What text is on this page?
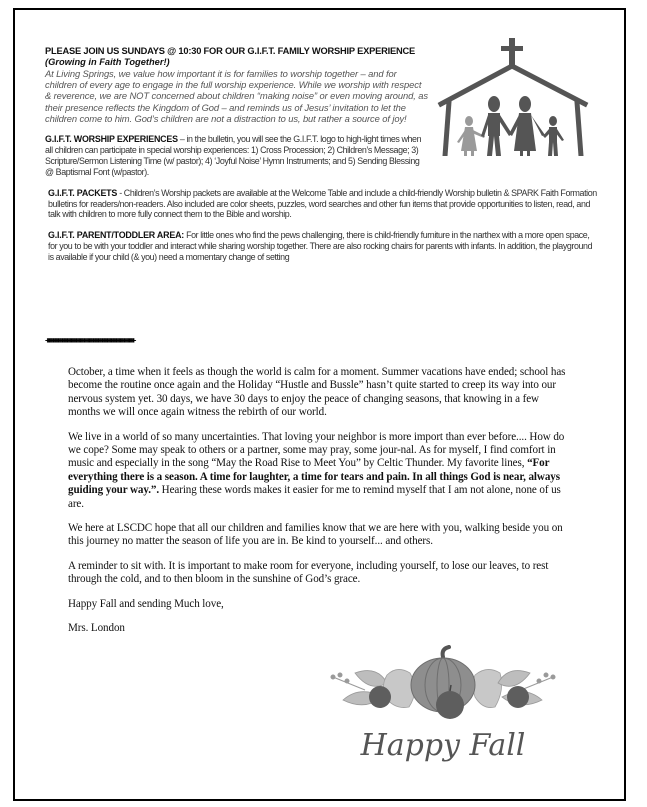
PLEASE JOIN US SUNDAYS @ 10:30 FOR OUR G.I.F.T. FAMILY WORSHIP EXPERIENCE
(Growing in Faith Together!)
At Living Springs, we value how important it is for families to worship together – and for children of every age to engage in the full worship experience. While we worship with respect & reverence, we are NOT concerned about children “making noise” or even moving around, as their presence reflects the Kingdom of God – and reminds us of Jesus’ invitation to let the children come to him. God’s children are not a distraction to us, but rather a source of joy!
G.I.F.T. WORSHIP EXPERIENCES – in the bulletin, you will see the G.I.F.T. logo to high-light times when all children can participate in special worship experiences: 1) Cross Procession; 2) Children’s Message; 3) Scripture/Sermon Listening Time (w/ pastor); 4) ‘Joyful Noise’ Hymn Instruments; and 5) Sending Blessing @ Baptismal Font (w/pastor).
G.I.F.T. PACKETS - Children’s Worship packets are available at the Welcome Table and include a child-friendly Worship bulletin & SPARK Faith Formation bulletins for readers/non-readers. Also included are color sheets, puzzles, word searches and other fun items that provide opportunities to listen, read, and talk with children to more fully connect them to the Bible and worship.
G.I.F.T. PARENT/TODDLER AREA: For little ones who find the pews challenging, there is child-friendly furniture in the narthex with a more open space, for you to be with your toddler and interact while sharing worship together. There are also rocking chairs for parents with infants. In addition, the playground is available if your child (& you) need a momentary change of setting
+++++++++++++++++++++++++++++++++++++++++++++++++++++++++++++++++++++++++++++++++++++++++++++++++++++++++++

October, a time when it feels as though the world is calm for a moment. Summer vacations have ended; school has become the routine once again and the Holiday “Hustle and Bussle” hasn’t quite started to creep its way into our nervous system yet. 30 days, we have 30 days to enjoy the peace of changing seasons, that knowing in a few months we will once again witness the rebirth of our world.

We live in a world of so many uncertainties. That loving your neighbor is more import than ever before.... How do we cope? Some may speak to others or a partner, some may pray, some jour-nal. As for myself, I find comfort in music and especially in the song “May the Road Rise to Meet You” by Celtic Thunder. My favorite lines, “For everything there is a season. A time for laughter, a time for tears and pain. In all things God is near, always guiding your way.”. Hearing these words makes it easier for me to remind myself that I am not alone, none of us are.

We here at LSCDC hope that all our children and families know that we are here with you, walking beside you on this journey no matter the season of life you are in. Be kind to yourself... and others.

A reminder to sit with. It is important to make room for everyone, including yourself, to lose our leaves, to rest through the cold, and to then bloom in the sunshine of God’s grace.

Happy Fall and sending Much love,

Mrs. London

Happy Fall
